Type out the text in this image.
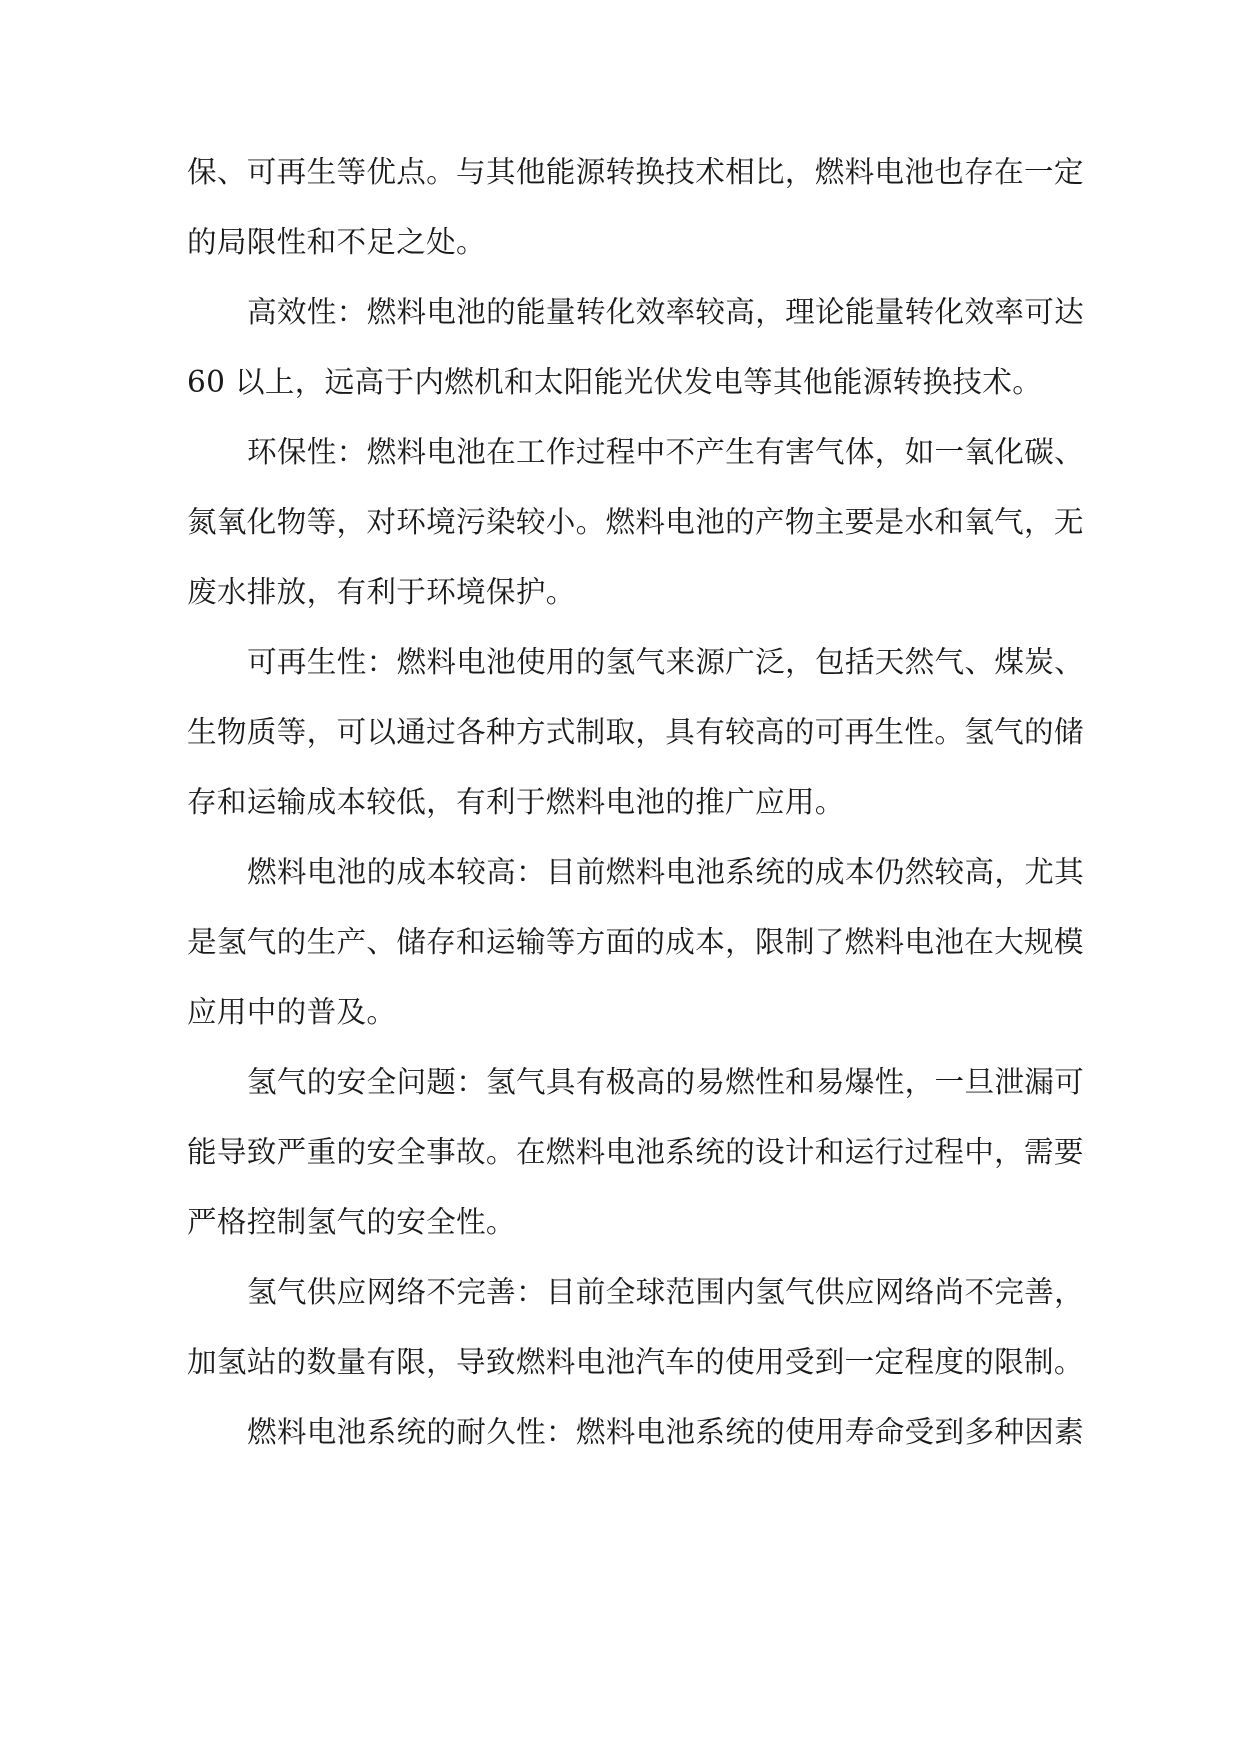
保、可再生等优点。与其他能源转换技术相比，燃料电池也存在一定
的局限性和不足之处。
高效性：燃料电池的能量转化效率较高，理论能量转化效率可达
60 以上，远高于内燃机和太阳能光伏发电等其他能源转换技术。
环保性：燃料电池在工作过程中不产生有害气体，如一氧化碳、
氮氧化物等，对环境污染较小。燃料电池的产物主要是水和氧气，无
废水排放，有利于环境保护。
可再生性：燃料电池使用的氢气来源广泛，包括天然气、煤炭、
生物质等，可以通过各种方式制取，具有较高的可再生性。氢气的储
存和运输成本较低，有利于燃料电池的推广应用。
燃料电池的成本较高：目前燃料电池系统的成本仍然较高，尤其
是氢气的生产、储存和运输等方面的成本，限制了燃料电池在大规模
应用中的普及。
氢气的安全问题：氢气具有极高的易燃性和易爆性，一旦泄漏可
能导致严重的安全事故。在燃料电池系统的设计和运行过程中，需要
严格控制氢气的安全性。
氢气供应网络不完善：目前全球范围内氢气供应网络尚不完善，
加氢站的数量有限，导致燃料电池汽车的使用受到一定程度的限制。
燃料电池系统的耐久性：燃料电池系统的使用寿命受到多种因素
